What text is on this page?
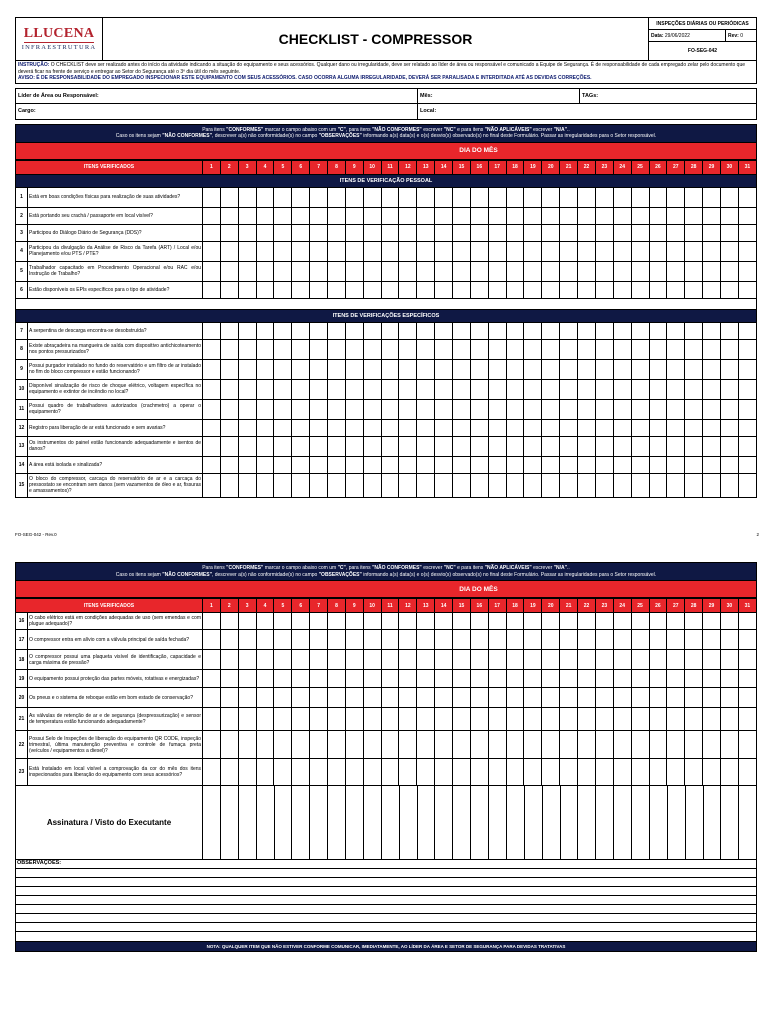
LLUCENA
INFRAESTRUTURA	CHECKLIST - COMPRESSOR
INSPEÇÕES DIÁRIAS OU PERIÓDICAS
Data:
29/06/2022	Rev:
0
FO-SEG-042
INSTRUÇÃO: O CHECKLIST deve ser realizado antes do início da atividade indicando a situação do equipamento e seus acessórios. Qualquer dano ou irregularidade, deve ser relatado ao líder de área ou responsável e comunicado a Equipe de Segurança. É de responsabilidade de cada empregado zelar pelo documento que deverá ficar na frente de serviço e entregar ao Setor do Segurança até o 3º dia útil do mês seguinte.
AVISO: É DE RESPONSABILIDADE DO EMPREGADO INSPECIONAR ESTE EQUIPAMENTO COM SEUS ACESSÓRIOS. CASO OCORRA ALGUMA IRREGULARIDADE, DEVERÁ SER PARALISADA E INTERDITADA ATÉ AS DEVIDAS CORREÇÕES.
Líder de Área ou Responsável:	Mês:	TAGs:
Cargo:	Local:
Para itens "CONFORMES" marcar o campo abaixo com um "C", para itens "NÃO CONFORMES" escrever "NC" e para itens "NÃO APLICÁVEIS" escrever "N/A"..
Caso os itens sejam "NÃO CONFORMES", descrever a(s) não conformidade(s) no campo "OBSERVAÇÕES" informando a(s) data(s) e o(s) desvio(s) observado(s) no final deste Formulário. Passar as irregularidades para o Setor responsável.
DIA DO MÊS
ITENS VERIFICADOS		1	2	3	4	5	6	7	8	9	10	11	12	13	14	15	16	17	18	19	20	21	22	23	24	25	26	27	28	29	30	31
ITENS DE VERIFICAÇÃO PESSOAL																																
1	Está em boas condições físicas para realização de suas atividades?																															
2	Está portando seu crachá / passaporte em local visível?																															
3	Participou do Diálogo Diário de Segurança (DDS)?																															
4	Participou da divulgação da Análise de Risco da Tarefa (ART) / Local e/ou Planejamento e/ou PTS / PTE?																															
5	Trabalhador capacitado em Procedimento Operacional e/ou RAC e/ou Instrução de Trabalho?																															
6	Estão disponíveis os EPIs específicos para o tipo de atividade?																															

ITENS DE VERIFICAÇÕES ESPECÍFICOS																																
7	A serpentina de descarga encontra-se desobstruída?																															
8	Existe abraçadeira na mangueira de saída com dispositivo antichicoteamento nos pontos pressurizados?																															
9	Possui purgador instalado no fundo do reservatório e um filtro de ar instalado no fim do bloco compressor e estão funcionando?																															
10	Disponível sinalização de risco de choque elétrico, voltagem específica no equipamento e extintor de incêndio no local?																															
11	Possui quadro de trabalhadores autorizados (crachmetro) a operar o equipamento?																															
12	Registro para liberação de ar está funcionado e sem avarias?																															
13	Os instrumentos do painel estão funcionando adequadamente e isentos de danos?																															
14	A área está isolada e sinalizada?																															
15	O bloco do compressor, carcaça do reservatório de ar e a carcaça do pressostato se encontram sem danos (sem vazamentos de óleo e ar, fissuras e amassamentos)?																															
FO-SEG-042 - Rev.0	2
Para itens "CONFORMES" marcar o campo abaixo com um "C", para itens "NÃO CONFORMES" escrever "NC" e para itens "NÃO APLICÁVEIS" escrever "N/A"..
Caso os itens sejam "NÃO CONFORMES", descrever a(s) não conformidade(s) no campo "OBSERVAÇÕES" informando a(s) data(s) e o(s) desvio(s) observado(s) no final deste Formulário. Passar as irregularidades para o Setor responsável.
DIA DO MÊS
ITENS VERIFICADOS		1	2	3	4	5	6	7	8	9	10	11	12	13	14	15	16	17	18	19	20	21	22	23	24	25	26	27	28	29	30	31
16	O cabo elétrico está em condições adequadas de uso (sem emendas e com plugue adequado)?																															
17	O compressor entra em alívio com a válvula principal de saída fechada?																															
18	O compressor possui uma plaqueta visível de identificação, capacidade e carga máxima de pressão?																															
19	O equipamento possui proteção das partes móveis, rotativas e energizadas?																															
20	Os pneus e o sistema de reboque estão em bom estado de conservação?																															
21	As válvulas de retenção de ar e de segurança (despressurização) e sensor de temperatura estão funcionando adequadamente?																															
22	Possui Selo de Inspeções de liberação do equipamento QR CODE, inspeção trimestral, última manutenção preventiva e controle de fumaça preta (veículos / equipamentos a diesel)?																															
23	Está Instalado em local visível a comprovação da cor do mês dos itens inspecionados para liberação do equipamento com seus acessórios?																															
Assinatura / Visto do Executante
OBSERVAÇÕES:
NOTA: QUALQUER ITEM QUE NÃO ESTIVER CONFORME COMUNICAR, IMEDIATAMENTE, AO LÍDER DA ÁREA E SETOR DE SEGURANÇA PARA DEVIDAS TRATATIVAS
